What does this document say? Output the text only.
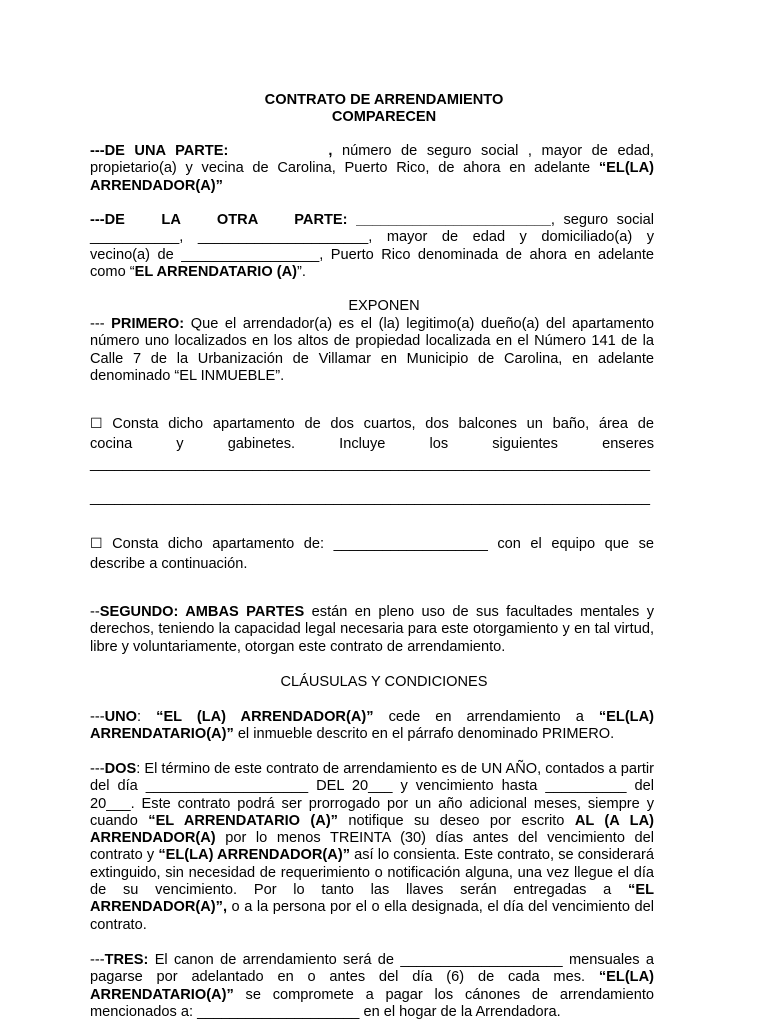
CONTRATO DE ARRENDAMIENTO
COMPARECEN
---DE UNA PARTE:	, número de seguro social , mayor de edad, propietario(a) y vecina de Carolina, Puerto Rico, de ahora en adelante “EL(LA) ARRENDADOR(A)”
---DE LA OTRA PARTE: ________________________, seguro social
___________, _____________________, mayor de edad y domiciliado(a) y
vecino(a) de _________________, Puerto Rico denominada de ahora en adelante
como “EL ARRENDATARIO (A)”.
EXPONEN
--- PRIMERO: Que el arrendador(a) es el (la) legitimo(a) dueño(a) del apartamento número uno localizados en los altos de propiedad localizada en el Número 141 de la Calle 7 de la Urbanización de Villamar en Municipio de Carolina, en adelante denominado “EL INMUEBLE”.
☐ Consta dicho apartamento de dos cuartos, dos balcones un baño, área de
cocina y gabinetes. Incluye los siguientes enseres
_____________________________________________________________________
_____________________________________________________________________
☐ Consta dicho apartamento de: ___________________ con el equipo que se
describe a continuación.
--SEGUNDO: AMBAS PARTES están en pleno uso de sus facultades mentales y derechos, teniendo la capacidad legal necesaria para este otorgamiento y en tal virtud, libre y voluntariamente, otorgan este contrato de arrendamiento.
CLÁUSULAS Y CONDICIONES
---UNO: “EL (LA) ARRENDADOR(A)” cede en arrendamiento a “EL(LA) ARRENDATARIO(A)” el inmueble descrito en el párrafo denominado PRIMERO.
---DOS: El término de este contrato de arrendamiento es de UN AÑO, contados a partir del día ____________________ DEL 20___ y vencimiento hasta __________ del 20___. Este contrato podrá ser prorrogado por un año adicional meses, siempre y cuando “EL ARRENDATARIO (A)” notifique su deseo por escrito AL (A LA) ARRENDADOR(A) por lo menos TREINTA (30) días antes del vencimiento del contrato y “EL(LA) ARRENDADOR(A)” así lo consienta. Este contrato, se considerará extinguido, sin necesidad de requerimiento o notificación alguna, una vez llegue el día de su vencimiento. Por lo tanto las llaves serán entregadas a “EL ARRENDADOR(A)”, o a la persona por el o ella designada, el día del vencimiento del contrato.
---TRES: El canon de arrendamiento será de ____________________ mensuales a pagarse por adelantado en o antes del día (6) de cada mes. “EL(LA) ARRENDATARIO(A)” se compromete a pagar los cánones de arrendamiento mencionados a: ____________________ en el hogar de la Arrendadora.
